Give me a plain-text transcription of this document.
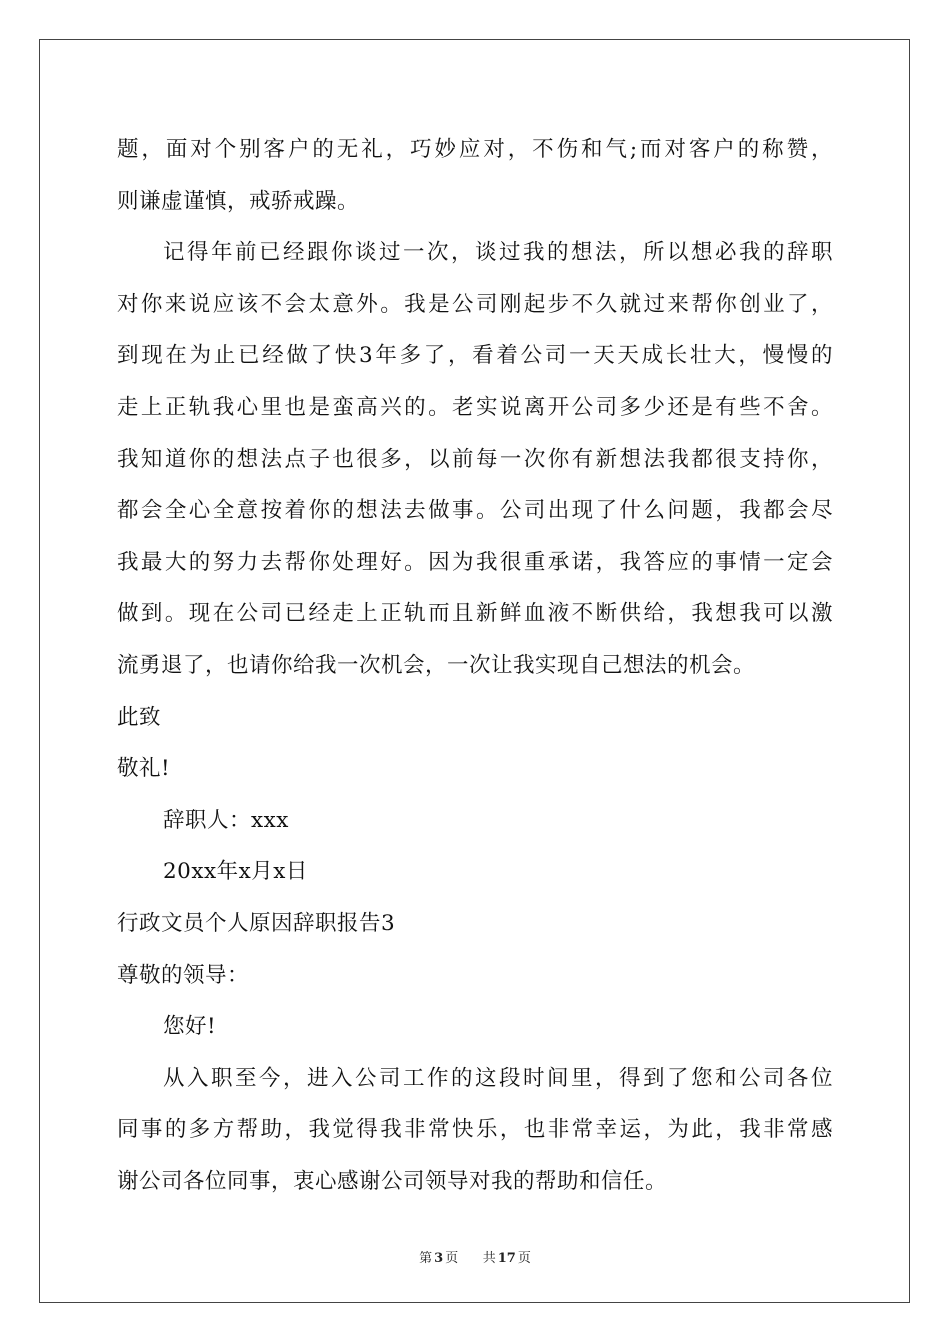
题，面对个别客户的无礼，巧妙应对，不伤和气;而对客户的称赞，
则谦虚谨慎，戒骄戒躁。
记得年前已经跟你谈过一次，谈过我的想法，所以想必我的辞职
对你来说应该不会太意外。我是公司刚起步不久就过来帮你创业了，
到现在为止已经做了快3年多了，看着公司一天天成长壮大，慢慢的
走上正轨我心里也是蛮高兴的。老实说离开公司多少还是有些不舍。
我知道你的想法点子也很多，以前每一次你有新想法我都很支持你，
都会全心全意按着你的想法去做事。公司出现了什么问题，我都会尽
我最大的努力去帮你处理好。因为我很重承诺，我答应的事情一定会
做到。现在公司已经走上正轨而且新鲜血液不断供给，我想我可以激
流勇退了，也请你给我一次机会，一次让我实现自己想法的机会。
此致
敬礼!
辞职人：xxx
20xx年x月x日
行政文员个人原因辞职报告3
尊敬的领导：
您好!
从入职至今，进入公司工作的这段时间里，得到了您和公司各位
同事的多方帮助，我觉得我非常快乐，也非常幸运，为此，我非常感
谢公司各位同事，衷心感谢公司领导对我的帮助和信任。
第 3 页 共 17 页
